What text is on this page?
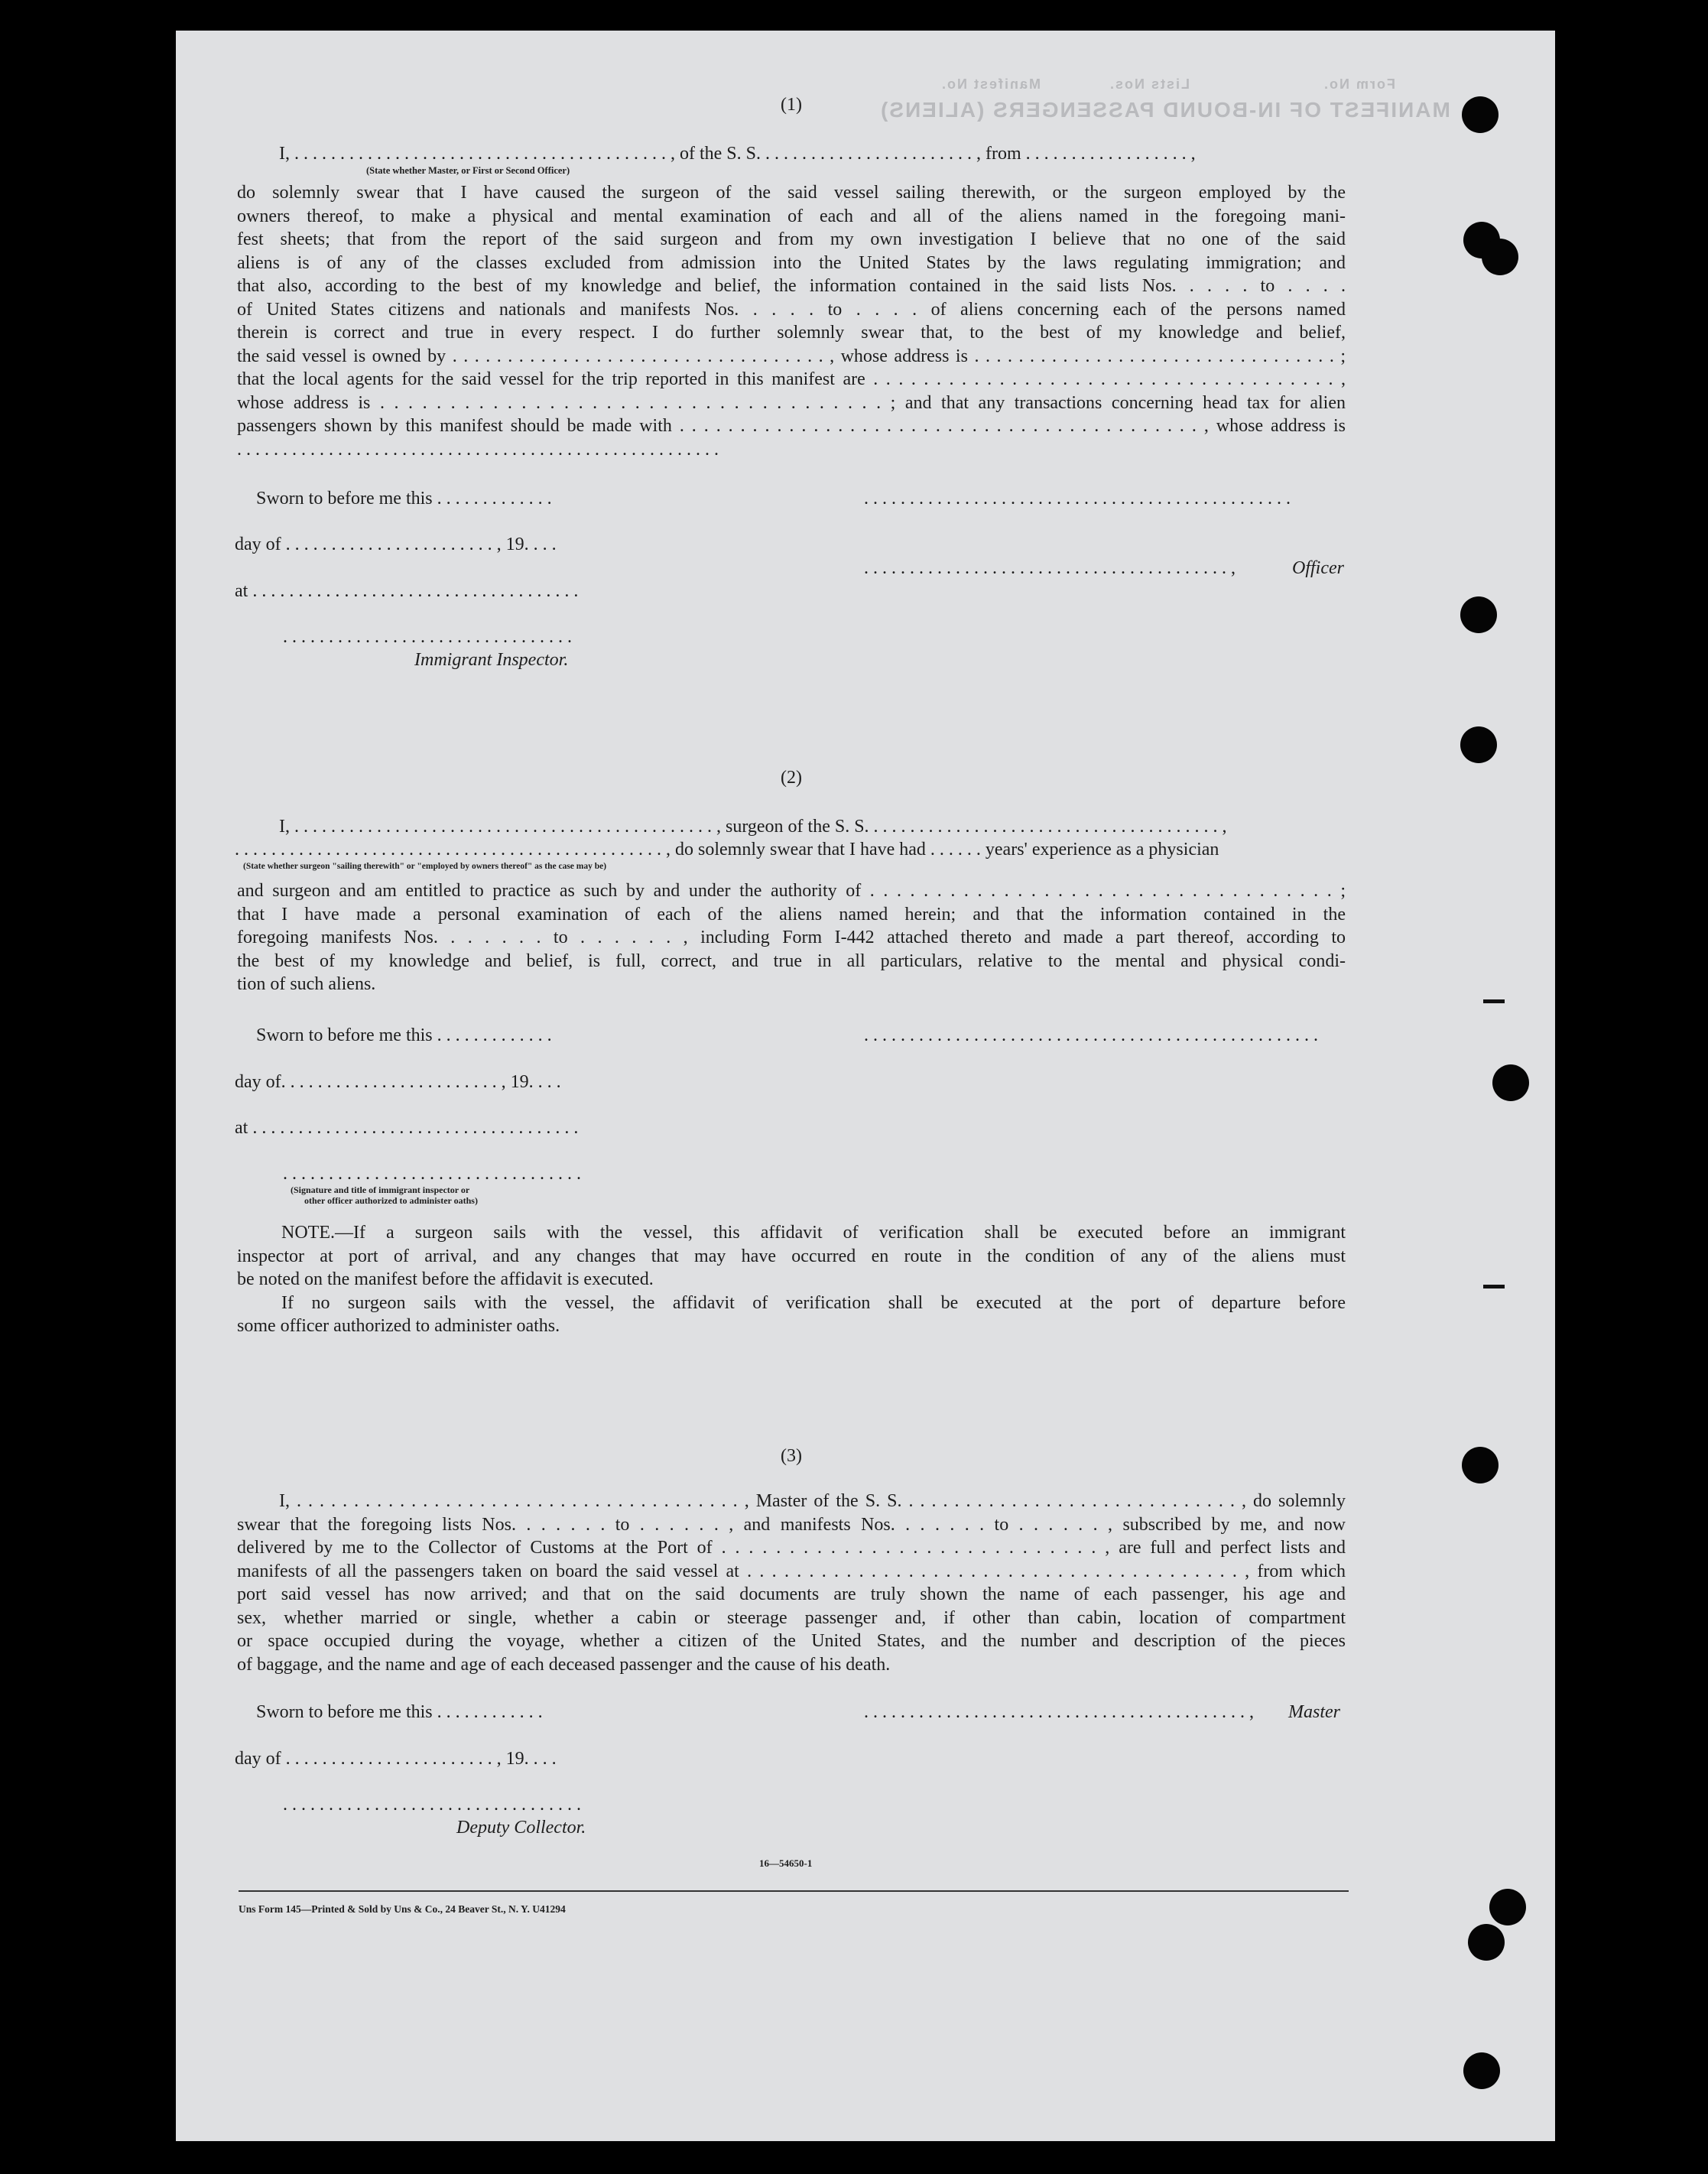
MANIFEST OF IN-BOUND PASSENGERS (ALIENS)
Lists Nos.	Form No.
Manifest No.
(1)
I, . . . . . . . . . . . . . . . . . . . . . . . . . . . . . . . . . . . . . . . . . , of the S. S. . . . . . . . . . . . . . . . . . . . . . . . , from . . . . . . . . . . . . . . . . . . ,
(State whether Master, or First or Second Officer)
do solemnly swear that I have caused the surgeon of the said vessel sailing therewith, or the surgeon employed by the
owners thereof, to make a physical and mental examination of each and all of the aliens named in the foregoing mani-
fest sheets; that from the report of the said surgeon and from my own investigation I believe that no one of the said
aliens is of any of the classes excluded from admission into the United States by the laws regulating immigration; and
that also, according to the best of my knowledge and belief, the information contained in the said lists Nos. . . . . to . . . .
of United States citizens and nationals and manifests Nos. . . . . to . . . . of aliens concerning each of the persons named
therein is correct and true in every respect. I do further solemnly swear that, to the best of my knowledge and belief,
the said vessel is owned by . . . . . . . . . . . . . . . . . . . . . . . . . . . . . . . . . . , whose address is . . . . . . . . . . . . . . . . . . . . . . . . . . . . . . . . . ;
that the local agents for the said vessel for the trip reported in this manifest are . . . . . . . . . . . . . . . . . . . . . . . . . . . . . . . . . . . . . ,
whose address is . . . . . . . . . . . . . . . . . . . . . . . . . . . . . . . . . . . . ; and that any transactions concerning head tax for alien
passengers shown by this manifest should be made with . . . . . . . . . . . . . . . . . . . . . . . . . . . . . . . . . . . . . . . . . . . , whose address is
. . . . . . . . . . . . . . . . . . . . . . . . . . . . . . . . . . . . . . . . . . . . . . . . . . . . .
Sworn to before me this . . . . . . . . . . . . .	. . . . . . . . . . . . . . . . . . . . . . . . . . . . . . . . . . . . . . . . . . . . . . .
day of . . . . . . . . . . . . . . . . . . . . . . . , 19. . . .
. . . . . . . . . . . . . . . . . . . . . . . . . . . . . . . . . . . . . . . . ,	Officer
at . . . . . . . . . . . . . . . . . . . . . . . . . . . . . . . . . . . .
. . . . . . . . . . . . . . . . . . . . . . . . . . . . . . . .
Immigrant Inspector.
(2)
I, . . . . . . . . . . . . . . . . . . . . . . . . . . . . . . . . . . . . . . . . . . . . . . , surgeon of the S. S. . . . . . . . . . . . . . . . . . . . . . . . . . . . . . . . . . . . . . . ,
. . . . . . . . . . . . . . . . . . . . . . . . . . . . . . . . . . . . . . . . . . . . . . . , do solemnly swear that I have had . . . . . . years' experience as a physician
(State whether surgeon "sailing therewith" or "employed by owners thereof" as the case may be)
and surgeon and am entitled to practice as such by and under the authority of . . . . . . . . . . . . . . . . . . . . . . . . . . . . . . . . . . . ;
that I have made a personal examination of each of the aliens named herein; and that the information contained in the
foregoing manifests Nos. . . . . . . to . . . . . . , including Form I-442 attached thereto and made a part thereof, according to
the best of my knowledge and belief, is full, correct, and true in all particulars, relative to the mental and physical condi-
tion of such aliens.
Sworn to before me this . . . . . . . . . . . . .	. . . . . . . . . . . . . . . . . . . . . . . . . . . . . . . . . . . . . . . . . . . . . . . . . .
day of. . . . . . . . . . . . . . . . . . . . . . . . , 19. . . .
at . . . . . . . . . . . . . . . . . . . . . . . . . . . . . . . . . . . .
. . . . . . . . . . . . . . . . . . . . . . . . . . . . . . . . .
(Signature and title of immigrant inspector or
other officer authorized to administer oaths)
NOTE.—If a surgeon sails with the vessel, this affidavit of verification shall be executed before an immigrant
inspector at port of arrival, and any changes that may have occurred en route in the condition of any of the aliens must
be noted on the manifest before the affidavit is executed.
If no surgeon sails with the vessel, the affidavit of verification shall be executed at the port of departure before
some officer authorized to administer oaths.
(3)
I, . . . . . . . . . . . . . . . . . . . . . . . . . . . . . . . . . . . . . . . , Master of the S. S. . . . . . . . . . . . . . . . . . . . . . . . . . . . . . , do solemnly
swear that the foregoing lists Nos. . . . . . . to . . . . . . , and manifests Nos. . . . . . . to . . . . . . , subscribed by me, and now
delivered by me to the Collector of Customs at the Port of . . . . . . . . . . . . . . . . . . . . . . . . . . . . , are full and perfect lists and
manifests of all the passengers taken on board the said vessel at . . . . . . . . . . . . . . . . . . . . . . . . . . . . . . . . . . . . . . . . , from which
port said vessel has now arrived; and that on the said documents are truly shown the name of each passenger, his age and
sex, whether married or single, whether a cabin or steerage passenger and, if other than cabin, location of compartment
or space occupied during the voyage, whether a citizen of the United States, and the number and description of the pieces
of baggage, and the name and age of each deceased passenger and the cause of his death.
Sworn to before me this . . . . . . . . . . . .	. . . . . . . . . . . . . . . . . . . . . . . . . . . . . . . . . . . . . . . . . . , Master
day of . . . . . . . . . . . . . . . . . . . . . . . , 19. . . .
. . . . . . . . . . . . . . . . . . . . . . . . . . . . . . . . .
Deputy Collector.
16—54650-1
Uns Form 145—Printed & Sold by Uns & Co., 24 Beaver St., N. Y. U41294
